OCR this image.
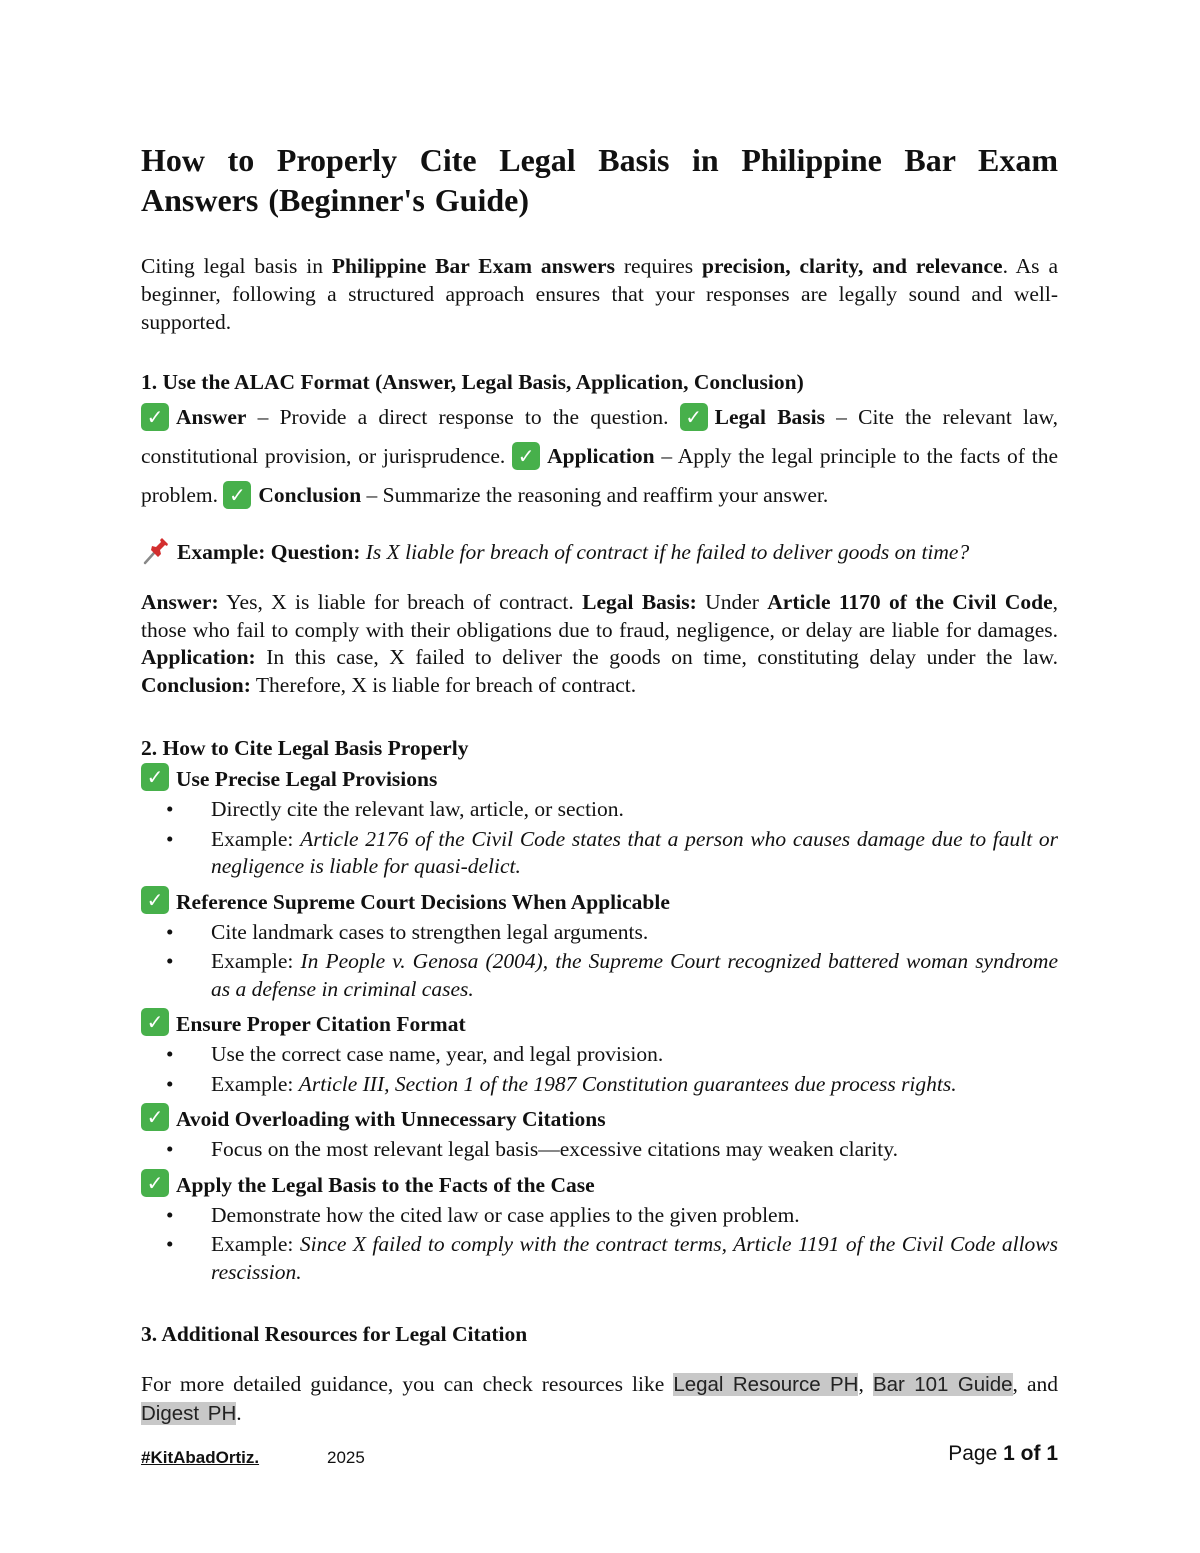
How to Properly Cite Legal Basis in Philippine Bar Exam Answers (Beginner's Guide)

Citing legal basis in Philippine Bar Exam answers requires precision, clarity, and relevance. As a beginner, following a structured approach ensures that your responses are legally sound and well-supported.

1. Use the ALAC Format (Answer, Legal Basis, Application, Conclusion)

✓ Answer – Provide a direct response to the question. ✓ Legal Basis – Cite the relevant law, constitutional provision, or jurisprudence. ✓ Application – Apply the legal principle to the facts of the problem. ✓ Conclusion – Summarize the reasoning and reaffirm your answer.

Example: Question: Is X liable for breach of contract if he failed to deliver goods on time?

Answer: Yes, X is liable for breach of contract. Legal Basis: Under Article 1170 of the Civil Code, those who fail to comply with their obligations due to fraud, negligence, or delay are liable for damages. Application: In this case, X failed to deliver the goods on time, constituting delay under the law. Conclusion: Therefore, X is liable for breach of contract.

2. How to Cite Legal Basis Properly

✓ Use Precise Legal Provisions
• Directly cite the relevant law, article, or section.
• Example: Article 2176 of the Civil Code states that a person who causes damage due to fault or negligence is liable for quasi-delict.
✓ Reference Supreme Court Decisions When Applicable
• Cite landmark cases to strengthen legal arguments.
• Example: In People v. Genosa (2004), the Supreme Court recognized battered woman syndrome as a defense in criminal cases.
✓ Ensure Proper Citation Format
• Use the correct case name, year, and legal provision.
• Example: Article III, Section 1 of the 1987 Constitution guarantees due process rights.
✓ Avoid Overloading with Unnecessary Citations
• Focus on the most relevant legal basis—excessive citations may weaken clarity.
✓ Apply the Legal Basis to the Facts of the Case
• Demonstrate how the cited law or case applies to the given problem.
• Example: Since X failed to comply with the contract terms, Article 1191 of the Civil Code allows rescission.

3. Additional Resources for Legal Citation

For more detailed guidance, you can check resources like Legal Resource PH, Bar 101 Guide, and Digest PH.

#KitAbadOrtiz.	2025	Page 1 of 1
